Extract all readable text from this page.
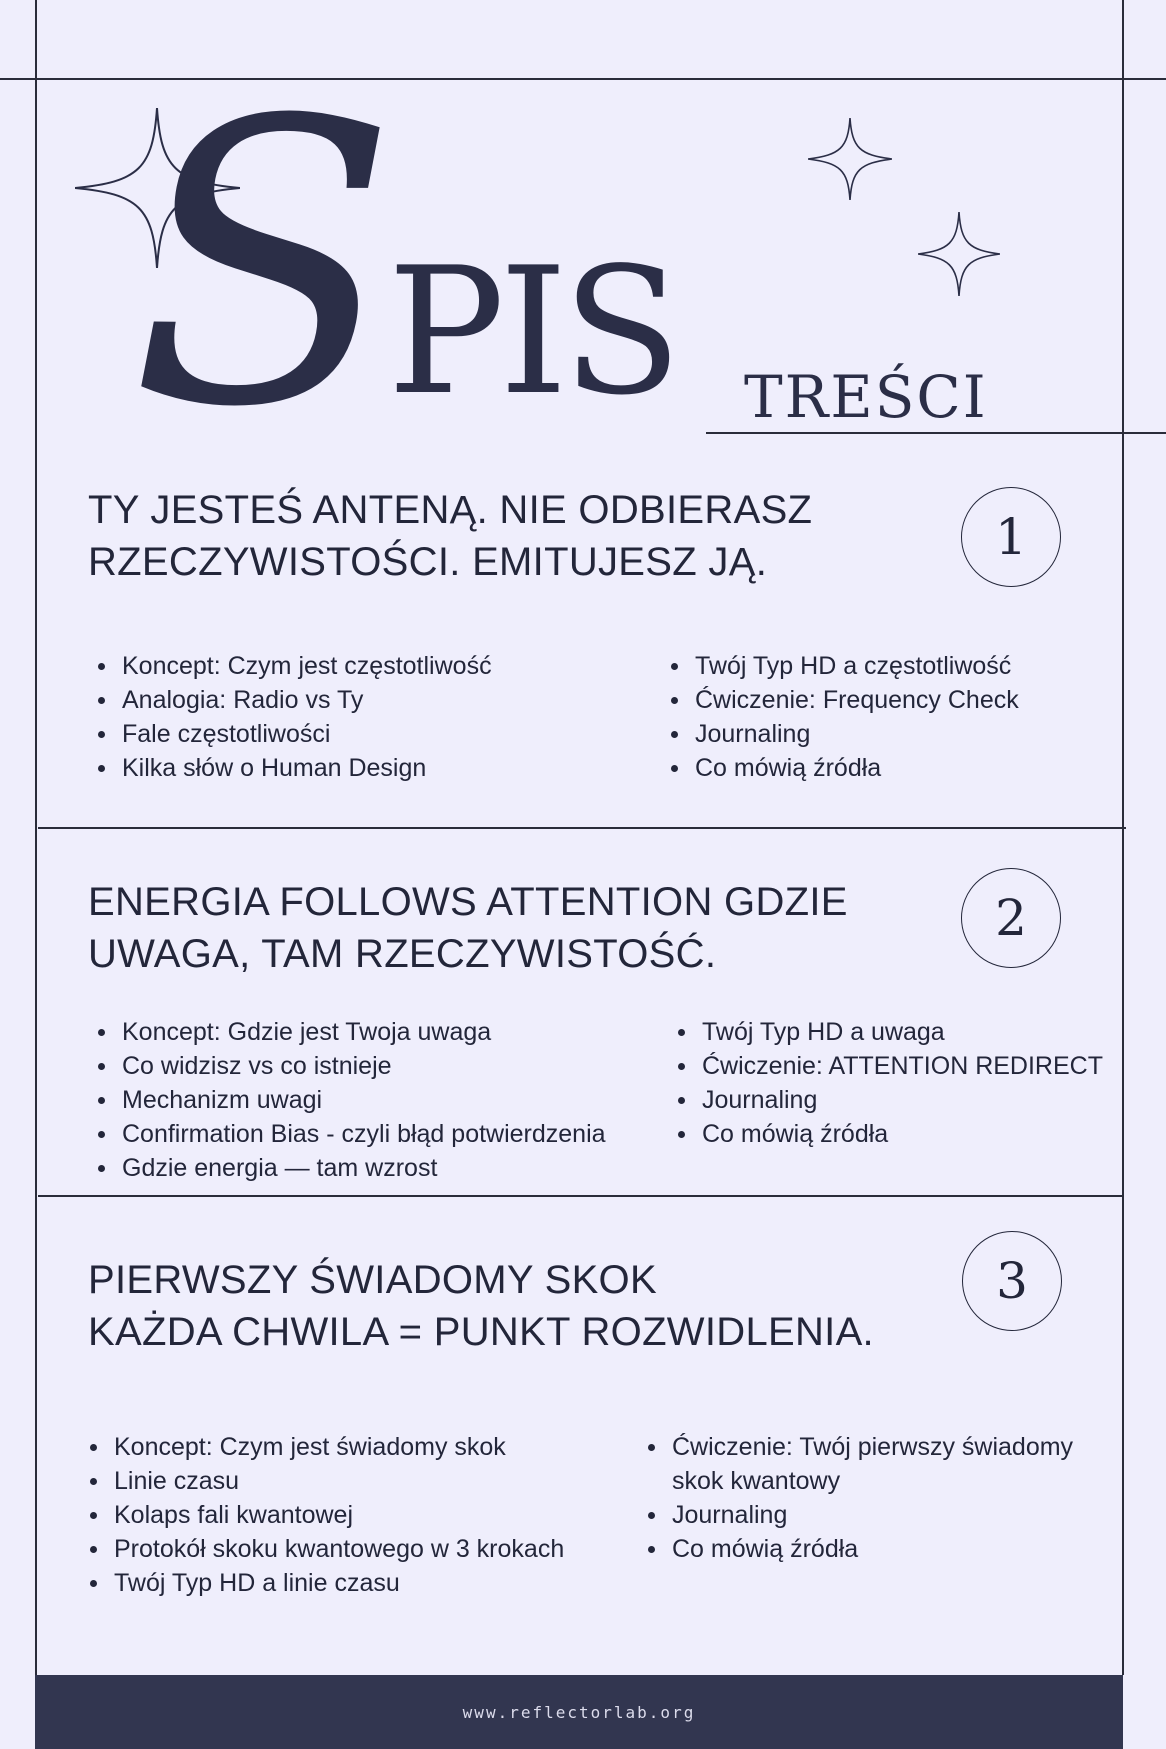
SPIS TREŚCI
TY JESTEŚ ANTENĄ. NIE ODBIERASZ
RZECZYWISTOŚCI. EMITUJESZ JĄ.	1
Koncept: Czym jest częstotliwość
Analogia: Radio vs Ty
Fale częstotliwości
Kilka słów o Human Design
Twój Typ HD a częstotliwość
Ćwiczenie: Frequency Check
Journaling
Co mówią źródła
ENERGIA FOLLOWS ATTENTION GDZIE
UWAGA, TAM RZECZYWISTOŚĆ.
2
Koncept: Gdzie jest Twoja uwaga
Co widzisz vs co istnieje
Mechanizm uwagi
Confirmation Bias - czyli błąd potwierdzenia
Gdzie energia — tam wzrost
Twój Typ HD a uwaga
Ćwiczenie: ATTENTION REDIRECT
Journaling
Co mówią źródła
PIERWSZY ŚWIADOMY SKOK
KAŻDA CHWILA = PUNKT ROZWIDLENIA.
3
Koncept: Czym jest świadomy skok
Linie czasu
Kolaps fali kwantowej
Protokół skoku kwantowego w 3 krokach
Twój Typ HD a linie czasu
Ćwiczenie: Twój pierwszy świadomy skok kwantowy
Journaling
Co mówią źródła
www.reflectorlab.org
